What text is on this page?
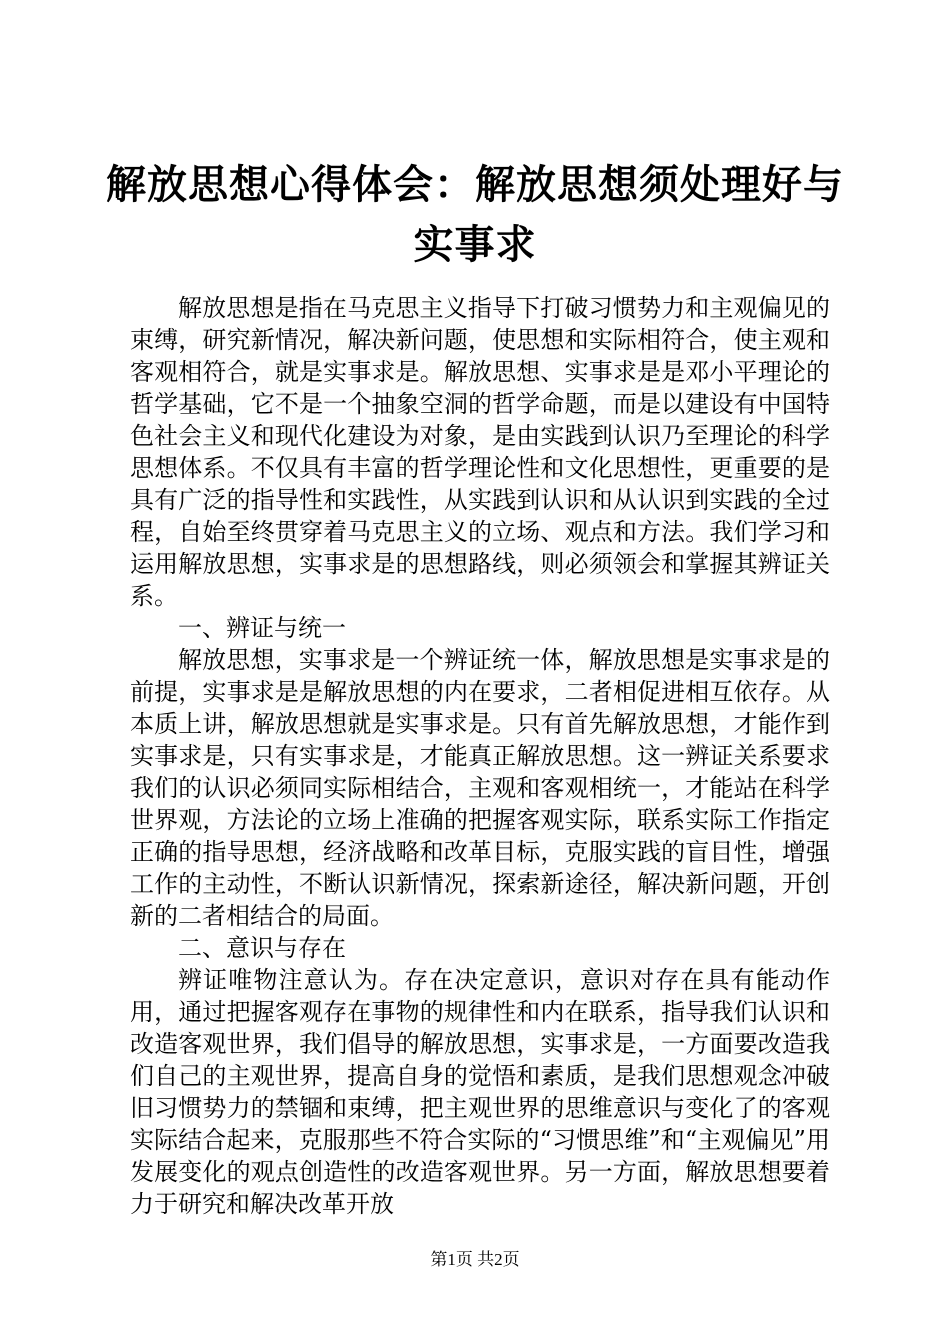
解放思想心得体会：解放思想须处理好与实事求

解放思想是指在马克思主义指导下打破习惯势力和主观偏见的束缚，研究新情况，解决新问题，使思想和实际相符合，使主观和客观相符合，就是实事求是。解放思想、实事求是是邓小平理论的哲学基础，它不是一个抽象空洞的哲学命题，而是以建设有中国特色社会主义和现代化建设为对象，是由实践到认识乃至理论的科学思想体系。不仅具有丰富的哲学理论性和文化思想性，更重要的是具有广泛的指导性和实践性，从实践到认识和从认识到实践的全过程，自始至终贯穿着马克思主义的立场、观点和方法。我们学习和运用解放思想，实事求是的思想路线，则必须领会和掌握其辨证关系。

一、辨证与统一

解放思想，实事求是一个辨证统一体，解放思想是实事求是的前提，实事求是是解放思想的内在要求，二者相促进相互依存。从本质上讲，解放思想就是实事求是。只有首先解放思想，才能作到实事求是，只有实事求是，才能真正解放思想。这一辨证关系要求我们的认识必须同实际相结合，主观和客观相统一，才能站在科学世界观，方法论的立场上准确的把握客观实际，联系实际工作指定正确的指导思想，经济战略和改革目标，克服实践的盲目性，增强工作的主动性，不断认识新情况，探索新途径，解决新问题，开创新的二者相结合的局面。

二、意识与存在

辨证唯物注意认为。存在决定意识，意识对存在具有能动作用，通过把握客观存在事物的规律性和内在联系，指导我们认识和改造客观世界，我们倡导的解放思想，实事求是，一方面要改造我们自己的主观世界，提高自身的觉悟和素质，是我们思想观念冲破旧习惯势力的禁锢和束缚，把主观世界的思维意识与变化了的客观实际结合起来，克服那些不符合实际的“习惯思维”和“主观偏见”用发展变化的观点创造性的改造客观世界。另一方面，解放思想要着力于研究和解决改革开放

第1页 共2页
